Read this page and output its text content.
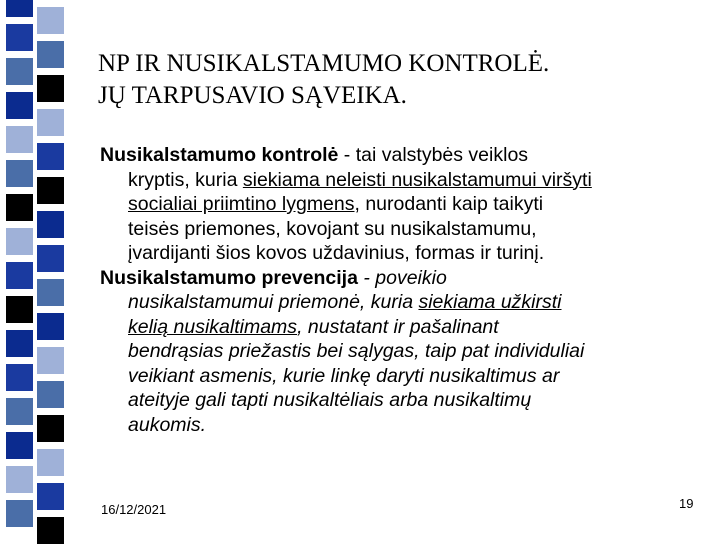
NP IR NUSIKALSTAMUMO KONTROLĖ.
JŲ TARPUSAVIO SĄVEIKA.
Nusikalstamumo kontrolė - tai valstybės veiklos
kryptis, kuria siekiama neleisti nusikalstamumui viršyti
socialiai priimtino lygmens, nurodanti kaip taikyti
teisės priemones, kovojant su nusikalstamumu,
įvardijanti šios kovos uždavinius, formas ir turinį.
Nusikalstamumo prevencija - poveikio
nusikalstamumui priemonė, kuria siekiama užkirsti
kelią nusikaltimams, nustatant ir pašalinant
bendrąsias priežastis bei sąlygas, taip pat individuliai
veikiant asmenis, kurie linkę daryti nusikaltimus ar
ateityje gali tapti nusikaltėliais arba nusikaltimų
aukomis.
16/12/2021	19
